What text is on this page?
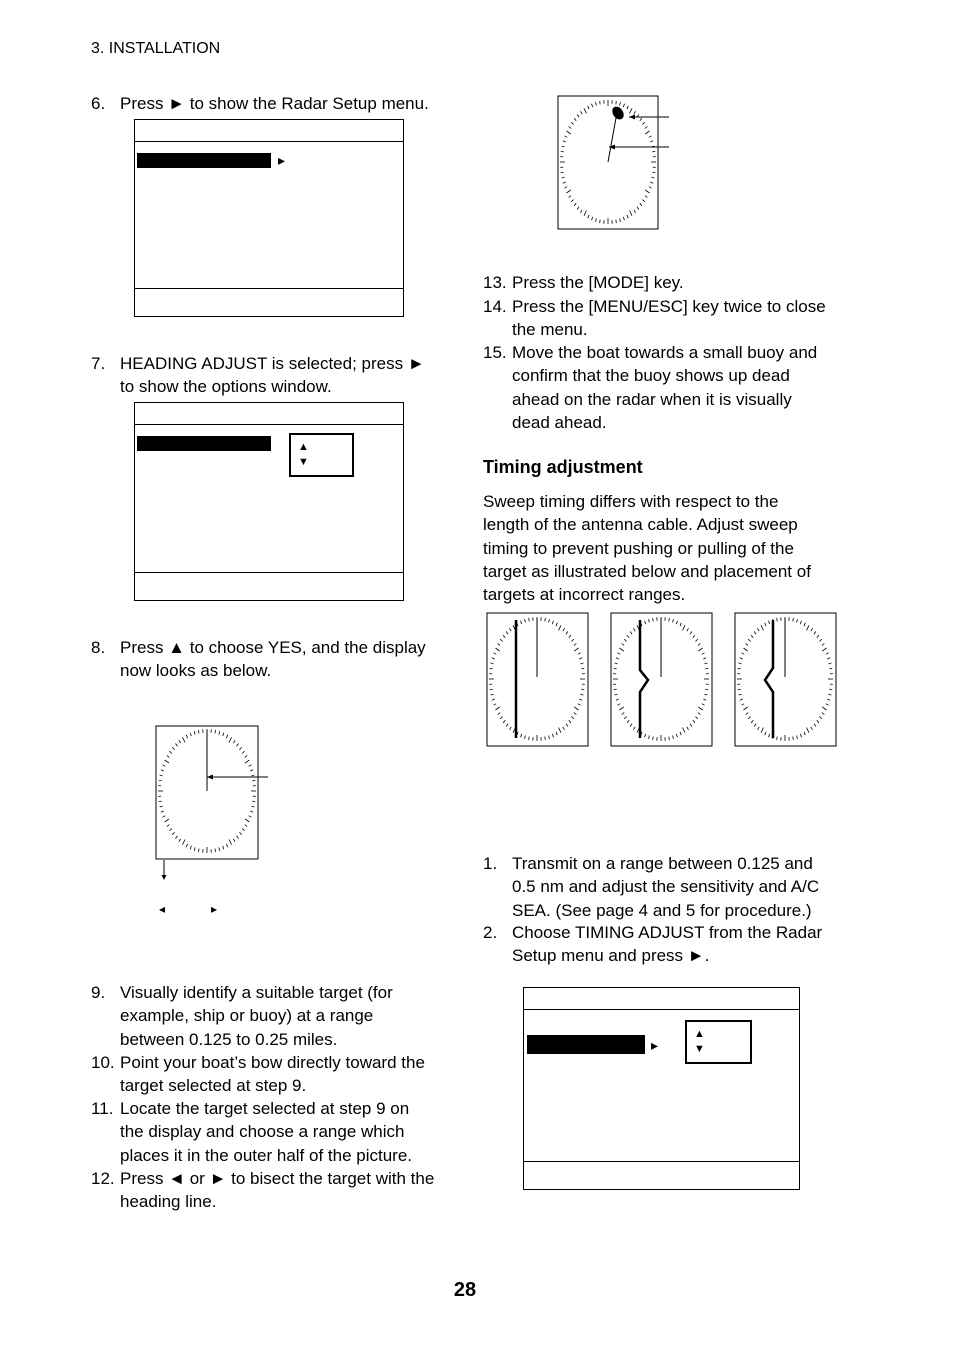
3. INSTALLATION
6. Press ► to show the Radar Setup menu.
▸
7. HEADING ADJUST is selected; press ►
to show the options window.
▲
▼
8. Press ▲ to choose YES, and the display
now looks as below.
◂	▸
9. Visually identify a suitable target (for
example, ship or buoy) at a range
between 0.125 to 0.25 miles.
10. Point your boat’s bow directly toward the
target selected at step 9.
11. Locate the target selected at step 9 on
the display and choose a range which
places it in the outer half of the picture.
12. Press ◄ or ► to bisect the target with the
heading line.
13. Press the [MODE] key.
14. Press the [MENU/ESC] key twice to close
the menu.
15. Move the boat towards a small buoy and
confirm that the buoy shows up dead
ahead on the radar when it is visually
dead ahead.
Timing adjustment
Sweep timing differs with respect to the
length of the antenna cable. Adjust sweep
timing to prevent pushing or pulling of the
target as illustrated below and placement of
targets at incorrect ranges.
1. Transmit on a range between 0.125 and
0.5 nm and adjust the sensitivity and A/C
SEA. (See page 4 and 5 for procedure.)
2. Choose TIMING ADJUST from the Radar
Setup menu and press ►.
▸
▲
▼
28
